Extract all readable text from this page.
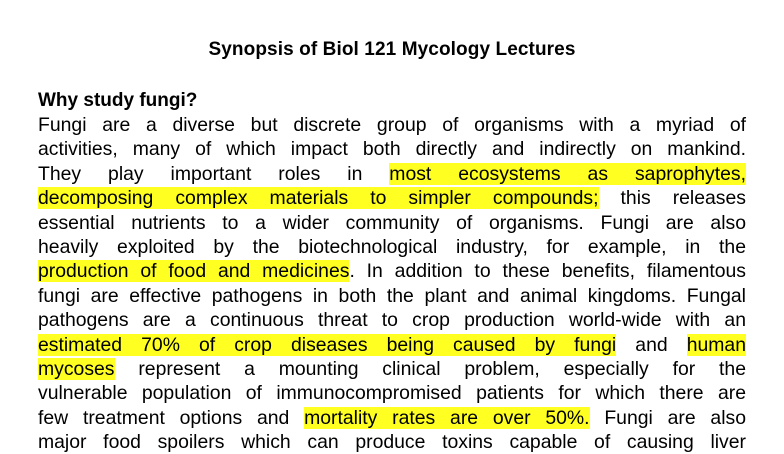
Synopsis of Biol 121 Mycology Lectures
Why study fungi?
Fungi are a diverse but discrete group of organisms with a myriad of
activities, many of which impact both directly and indirectly on mankind.
They play important roles in most ecosystems as saprophytes,
decomposing complex materials to simpler compounds; this releases
essential nutrients to a wider community of organisms. Fungi are also
heavily exploited by the biotechnological industry, for example, in the
production of food and medicines. In addition to these benefits, filamentous
fungi are effective pathogens in both the plant and animal kingdoms. Fungal
pathogens are a continuous threat to crop production world-wide with an
estimated 70% of crop diseases being caused by fungi and human
mycoses represent a mounting clinical problem, especially for the
vulnerable population of immunocompromised patients for which there are
few treatment options and mortality rates are over 50%. Fungi are also
major food spoilers which can produce toxins capable of causing liver
